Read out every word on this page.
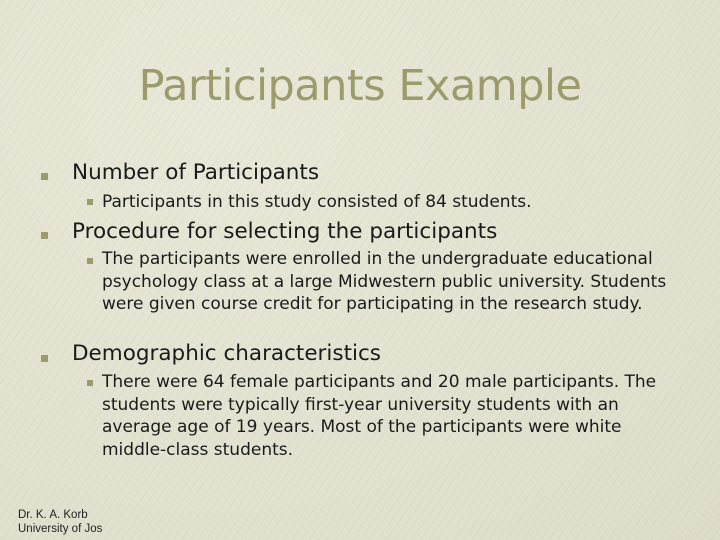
Participants Example
Number of Participants
Participants in this study consisted of 84 students.
Procedure for selecting the participants
The participants were enrolled in the undergraduate educational psychology class at a large Midwestern public university. Students were given course credit for participating in the research study.
Demographic characteristics
There were 64 female participants and 20 male participants. The students were typically first-year university students with an average age of 19 years. Most of the participants were white middle-class students.
Dr. K. A. Korb
University of Jos
